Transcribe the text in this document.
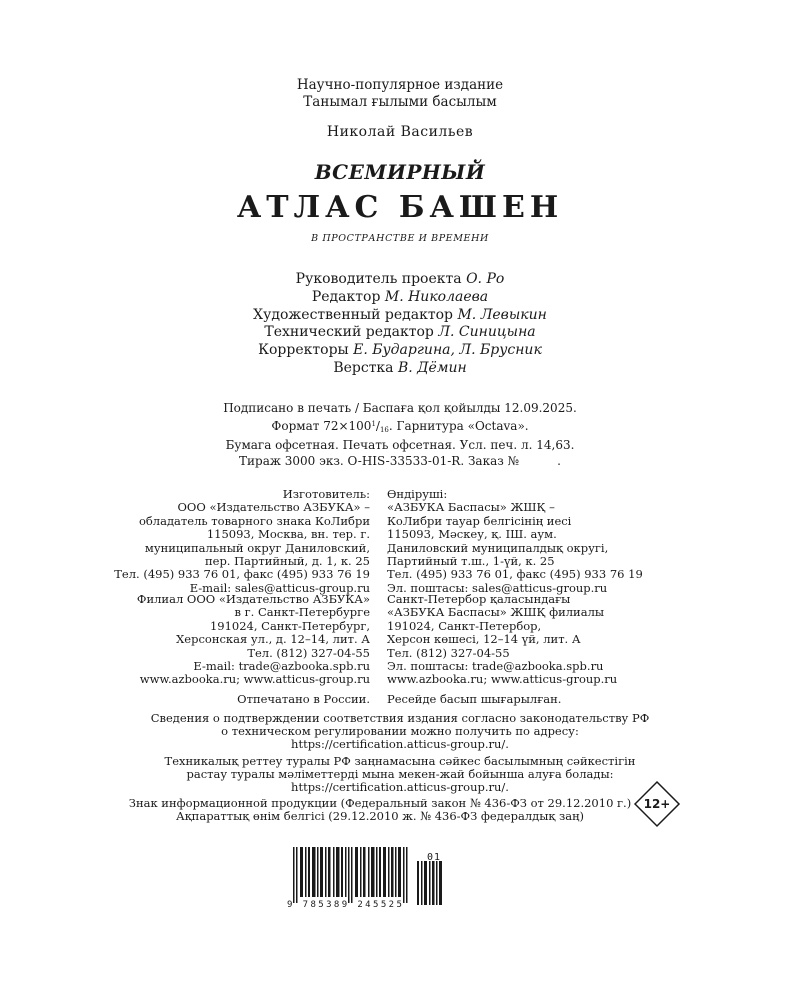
Научно-популярное издание
Танымал ғылыми басылым
Николай Васильев
ВСЕМИРНЫЙ
АТЛАС БАШЕН
В ПРОСТРАНСТВЕ И ВРЕМЕНИ
Руководитель проекта О. Ро
Редактор М. Николаева
Художественный редактор М. Левыкин
Технический редактор Л. Синицына
Корректоры Е. Бударгина, Л. Брусник
Верстка В. Дёмин
Подписано в печать / Баспаға қол қойылды 12.09.2025.
Формат $72\times 100^1/_{16}$. Гарнитура «Octava».
Бумага офсетная. Печать офсетная. Усл. печ. л. 14,63.
Тираж 3000 экз. O-HIS-33533-01-R. Заказ №          .
Изготовитель:
ООО «Издательство АЗБУКА» –
обладатель товарного знака КоЛибри
115093, Москва, вн. тер. г.
муниципальный округ Даниловский,
пер. Партийный, д. 1, к. 25
Тел. (495) 933 76 01, факс (495) 933 76 19
E-mail: sales@atticus-group.ru
Өндіруші:
«АЗБУКА Баспасы» ЖШҚ –
КоЛибри тауар белгісінің иесі
115093, Мәскеу, қ. ІШ. аум.
Даниловский муниципалдық округі,
Партийный т.ш., 1-үй, к. 25
Тел. (495) 933 76 01, факс (495) 933 76 19
Эл. поштасы: sales@atticus-group.ru
Филиал ООО «Издательство АЗБУКА»
в г. Санкт-Петербурге
191024, Санкт-Петербург,
Херсонская ул., д. 12–14, лит. А
Тел. (812) 327-04-55
E-mail: trade@azbooka.spb.ru
Санкт-Петербор қаласындағы
«АЗБУКА Баспасы» ЖШҚ филиалы
191024, Санкт-Петербор,
Херсон көшесі, 12–14 үй, лит. А
Тел. (812) 327-04-55
Эл. поштасы: trade@azbooka.spb.ru
www.azbooka.ru; www.atticus-group.ru www.azbooka.ru; www.atticus-group.ru
Отпечатано в России. Ресейде басып шығарылған.
Сведения о подтверждении соответствия издания согласно законодательству РФ
о техническом регулировании можно получить по адресу:
https://certification.atticus-group.ru/.
Техникалық реттеу туралы РФ заңнамасына сәйкес басылымның сәйкестігін
растау туралы мәліметтерді мына мекен-жай бойынша алуға болады:
https://certification.atticus-group.ru/.
Знак информационной продукции (Федеральный закон № 436-ФЗ от 29.12.2010 г.)
Ақпараттық өнім белгісі (29.12.2010 ж. № 436-ФЗ федералдық заң)
12+
9 785389 245525
01
